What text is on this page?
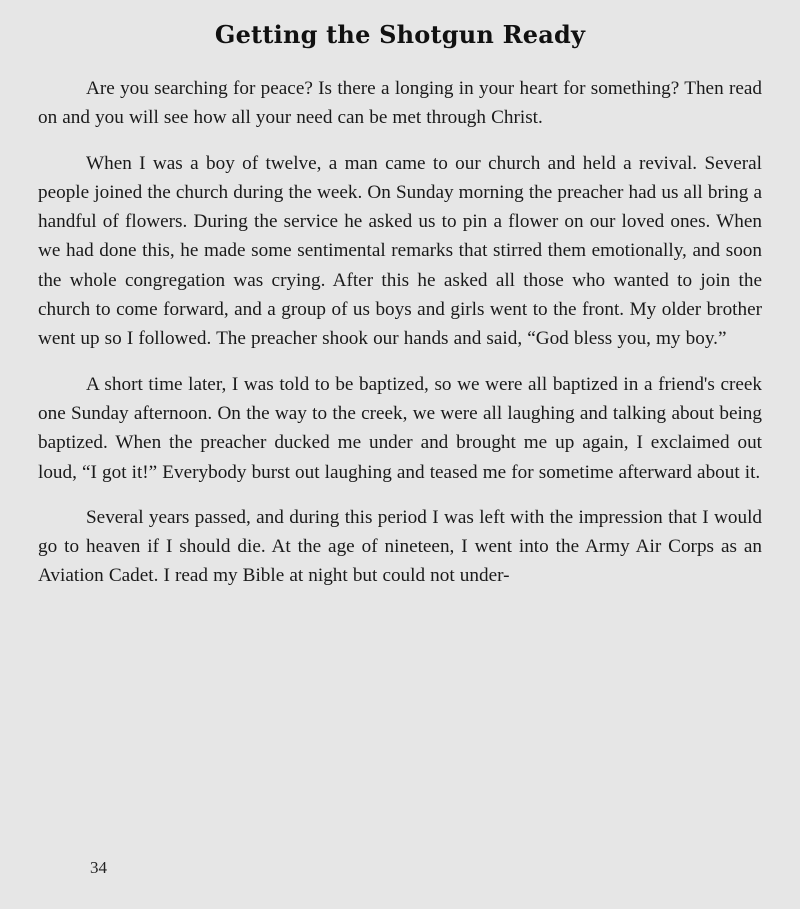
Getting the Shotgun Ready

Are you searching for peace? Is there a longing in your heart for something? Then read on and you will see how all your need can be met through Christ.

When I was a boy of twelve, a man came to our church and held a revival. Several people joined the church during the week. On Sunday morning the preacher had us all bring a handful of flowers. During the service he asked us to pin a flower on our loved ones. When we had done this, he made some sentimental remarks that stirred them emotionally, and soon the whole congregation was crying. After this he asked all those who wanted to join the church to come forward, and a group of us boys and girls went to the front. My older brother went up so I followed. The preacher shook our hands and said, “God bless you, my boy.”

A short time later, I was told to be baptized, so we were all baptized in a friend's creek one Sunday afternoon. On the way to the creek, we were all laughing and talking about being baptized. When the preacher ducked me under and brought me up again, I exclaimed out loud, “I got it!” Everybody burst out laughing and teased me for sometime afterward about it.

Several years passed, and during this period I was left with the impression that I would go to heaven if I should die. At the age of nineteen, I went into the Army Air Corps as an Aviation Cadet. I read my Bible at night but could not under-

34
